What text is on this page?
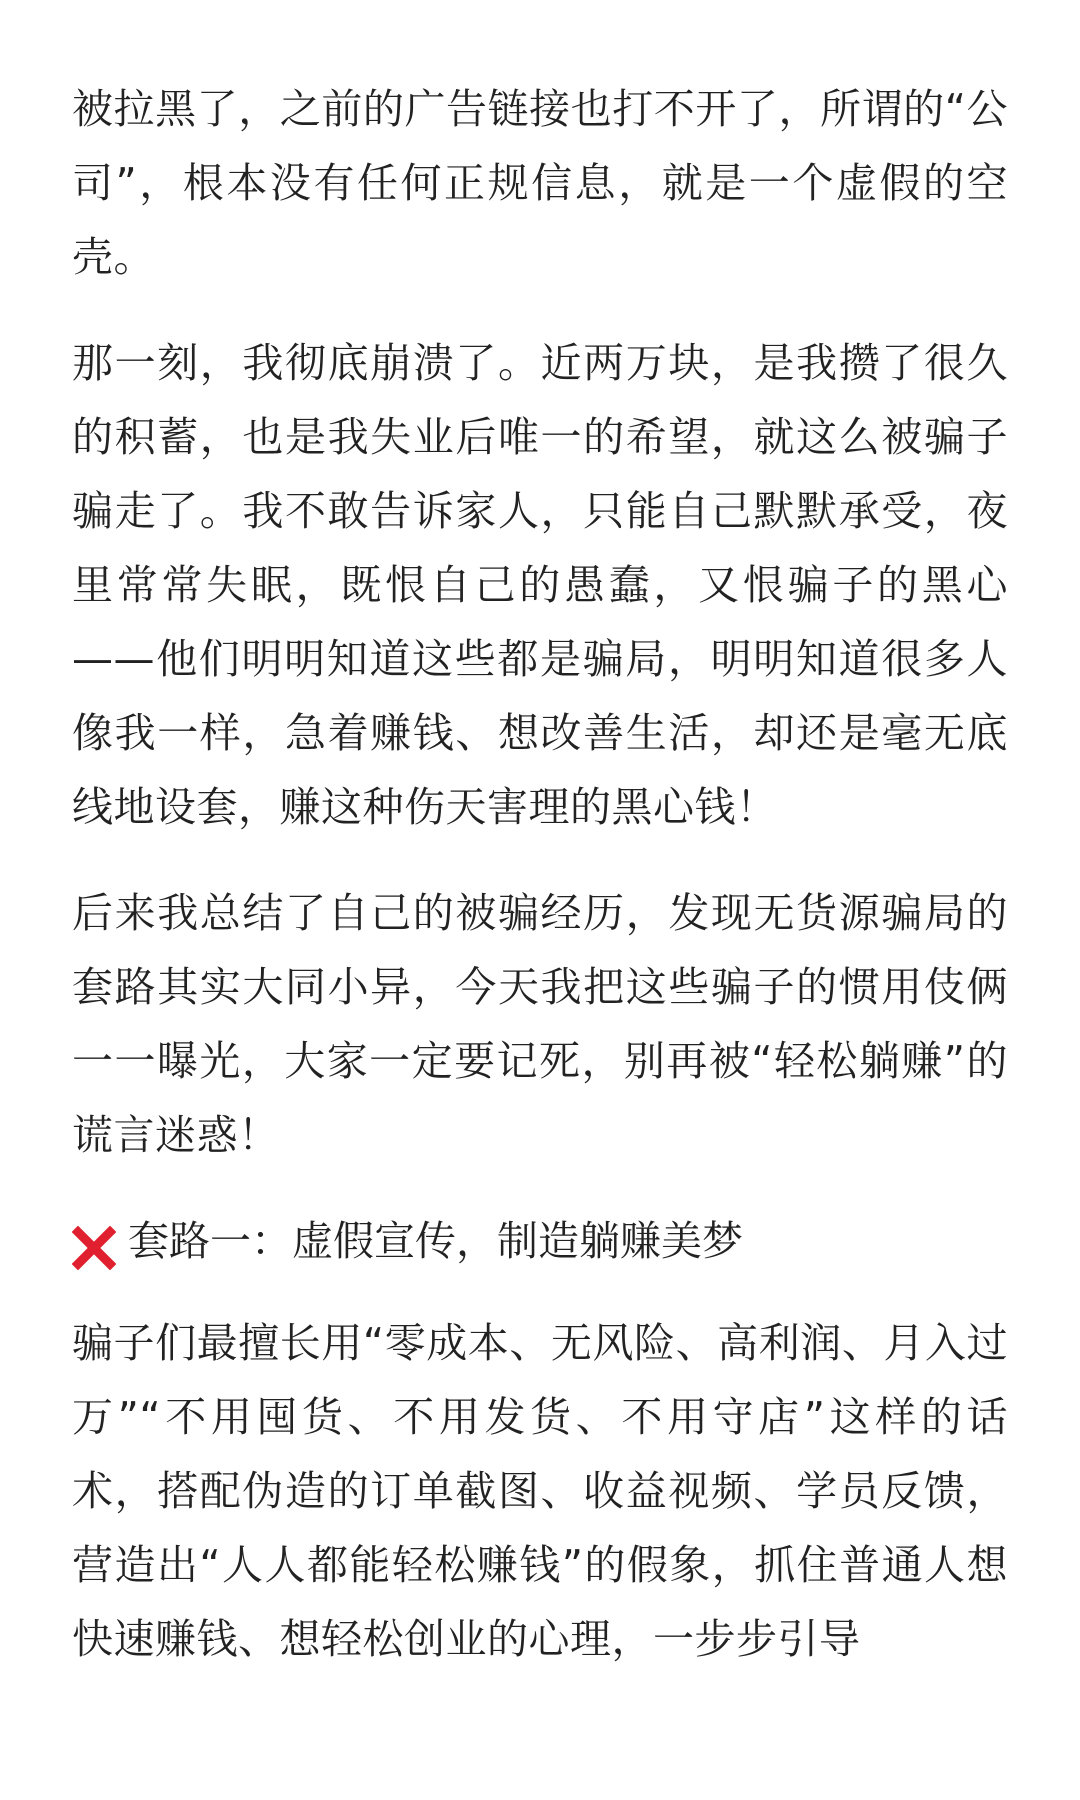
被拉黑了，之前的广告链接也打不开了，所谓的“公司”，根本没有任何正规信息，就是一个虚假的空壳。

那一刻，我彻底崩溃了。近两万块，是我攒了很久的积蓄，也是我失业后唯一的希望，就这么被骗子骗走了。我不敢告诉家人，只能自己默默承受，夜里常常失眠，既恨自己的愚蠢，又恨骗子的黑心——他们明明知道这些都是骗局，明明知道很多人像我一样，急着赚钱、想改善生活，却还是毫无底线地设套，赚这种伤天害理的黑心钱！

后来我总结了自己的被骗经历，发现无货源骗局的套路其实大同小异，今天我把这些骗子的惯用伎俩一一曝光，大家一定要记死，别再被“轻松躺赚”的谎言迷惑！

套路一：虚假宣传，制造躺赚美梦

骗子们最擅长用“零成本、无风险、高利润、月入过万”“不用囤货、不用发货、不用守店”这样的话术，搭配伪造的订单截图、收益视频、学员反馈，营造出“人人都能轻松赚钱”的假象，抓住普通人想快速赚钱、想轻松创业的心理，一步步引导
